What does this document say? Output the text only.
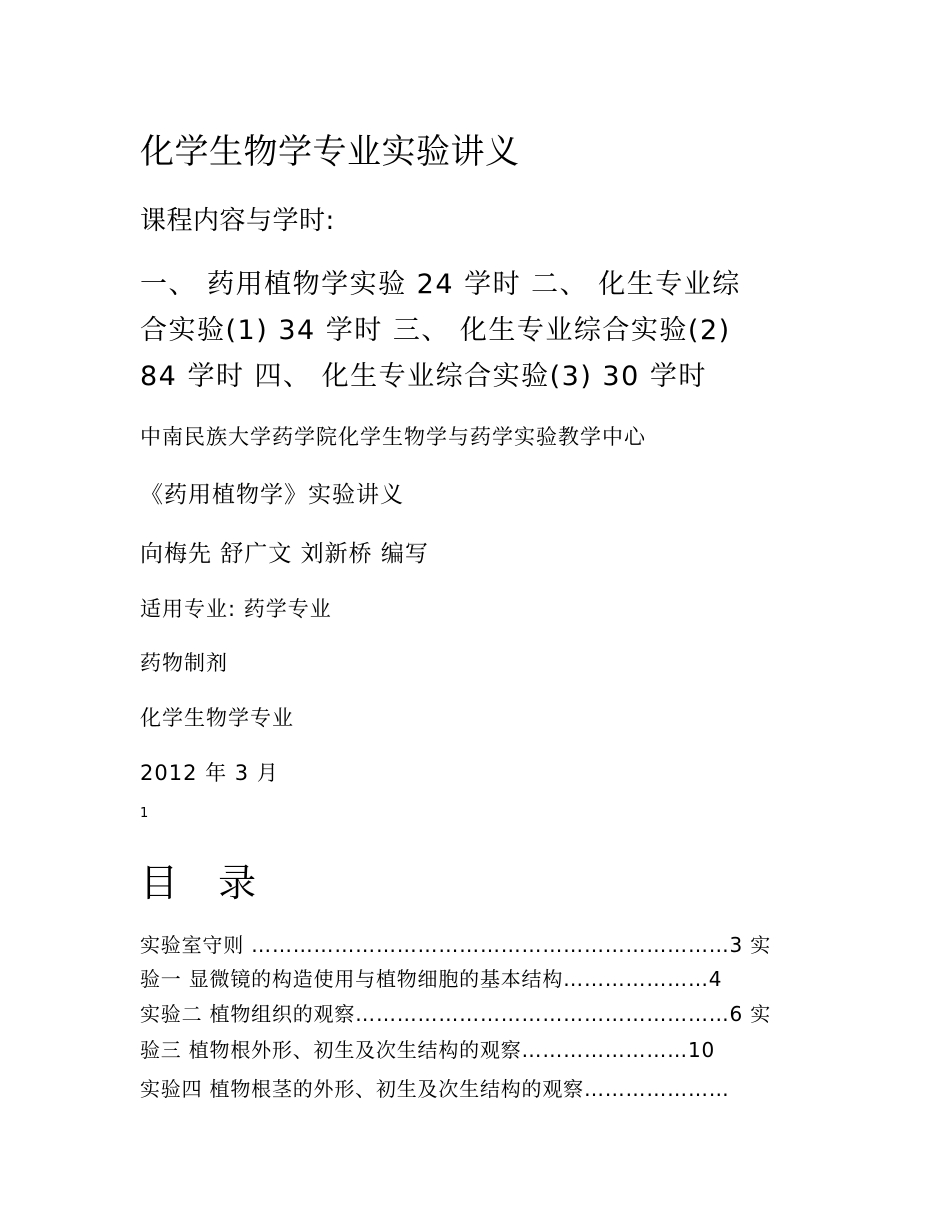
化学生物学专业实验讲义
课程内容与学时:
一、 药用植物学实验 24 学时 二、 化生专业综
合实验(1) 34 学时 三、 化生专业综合实验(2)
84 学时 四、 化生专业综合实验(3) 30 学时
中南民族大学药学院化学生物学与药学实验教学中心
《药用植物学》实验讲义
向梅先 舒广文 刘新桥 编写
适用专业: 药学专业
药物制剂
化学生物学专业
2012 年 3 月
1
目 录
实验室守则 ……………………………………………………………3 实
验一 显微镜的构造使用与植物细胞的基本结构…………………4
实验二 植物组织的观察………………………………………………6 实
验三 植物根外形、初生及次生结构的观察……………………10
实验四 植物根茎的外形、初生及次生结构的观察…………………
